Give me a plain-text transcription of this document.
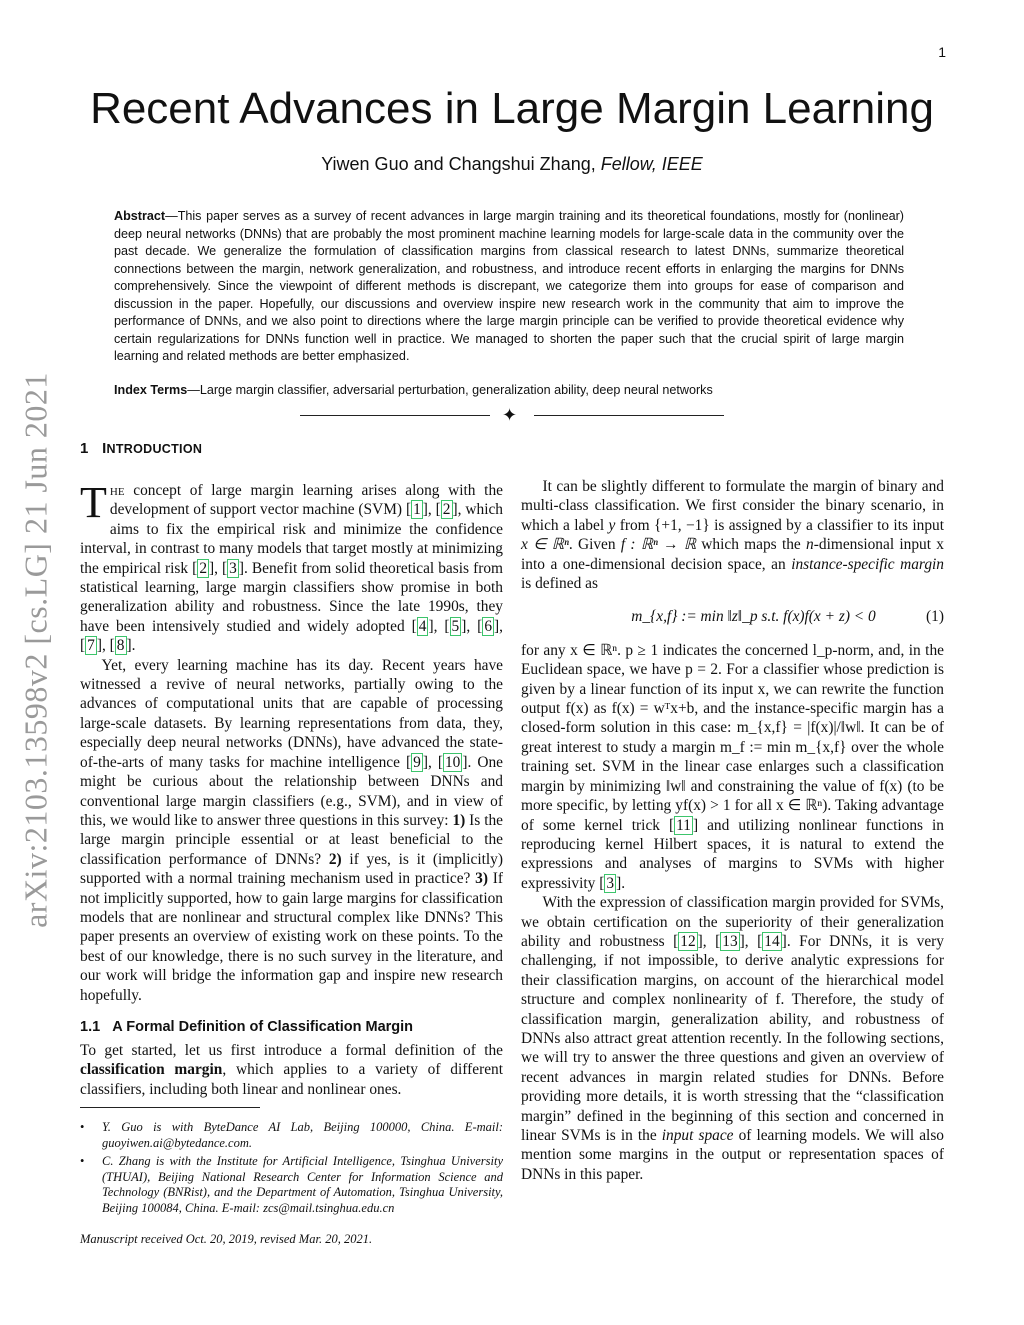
1
arXiv:2103.13598v2 [cs.LG] 21 Jun 2021
Recent Advances in Large Margin Learning
Yiwen Guo and Changshui Zhang, Fellow, IEEE
Abstract—This paper serves as a survey of recent advances in large margin training and its theoretical foundations, mostly for (nonlinear) deep neural networks (DNNs) that are probably the most prominent machine learning models for large-scale data in the community over the past decade. We generalize the formulation of classification margins from classical research to latest DNNs, summarize theoretical connections between the margin, network generalization, and robustness, and introduce recent efforts in enlarging the margins for DNNs comprehensively. Since the viewpoint of different methods is discrepant, we categorize them into groups for ease of comparison and discussion in the paper. Hopefully, our discussions and overview inspire new research work in the community that aim to improve the performance of DNNs, and we also point to directions where the large margin principle can be verified to provide theoretical evidence why certain regularizations for DNNs function well in practice. We managed to shorten the paper such that the crucial spirit of large margin learning and related methods are better emphasized.
Index Terms—Large margin classifier, adversarial perturbation, generalization ability, deep neural networks
✦
1 INTRODUCTION

The concept of large margin learning arises along with the development of support vector machine (SVM) [ 1 ], [ 2 ], which aims to fix the empirical risk and minimize the confidence interval, in contrast to many models that target mostly at minimizing the empirical risk [ 2 ], [ 3 ]. Benefit from solid theoretical basis from statistical learning, large margin classifiers show promise in both generalization ability and robustness. Since the late 1990s, they have been intensively studied and widely adopted [ 4 ], [ 5 ], [ 6 ], [ 7 ], [ 8 ].

Yet, every learning machine has its day. Recent years have witnessed a revive of neural networks, partially owing to the advances of computational units that are capable of processing large-scale datasets. By learning representations from data, they, especially deep neural networks (DNNs), have advanced the state-of-the-arts of many tasks for machine intelligence [ 9 ], [ 10 ]. One might be curious about the relationship between DNNs and conventional large margin classifiers (e.g., SVM), and in view of this, we would like to answer three questions in this survey: 1) Is the large margin principle essential or at least beneficial to the classification performance of DNNs? 2) if yes, is it (implicitly) supported with a normal training mechanism used in practice? 3) If not implicitly supported, how to gain large margins for classification models that are nonlinear and structural complex like DNNs? This paper presents an overview of existing work on these points. To the best of our knowledge, there is no such survey in the literature, and our work will bridge the information gap and inspire new research hopefully.

1.1 A Formal Definition of Classification Margin

To get started, let us first introduce a formal definition of the classification margin, which applies to a variety of different classifiers, including both linear and nonlinear ones.

• Y. Guo is with ByteDance AI Lab, Beijing 100000, China. E-mail: guoyiwen.ai@bytedance.com.
• C. Zhang is with the Institute for Artificial Intelligence, Tsinghua University (THUAI), Beijing National Research Center for Information Science and Technology (BNRist), and the Department of Automation, Tsinghua University, Beijing 100084, China. E-mail: zcs@mail.tsinghua.edu.cn
Manuscript received Oct. 20, 2019, revised Mar. 20, 2021.

It can be slightly different to formulate the margin of binary and multi-class classification. We first consider the binary scenario, in which a label y from {+1, −1} is assigned by a classifier to its input x ∈ ℝⁿ. Given f : ℝⁿ → ℝ which maps the n-dimensional input x into a one-dimensional decision space, an instance-specific margin is defined as

m_{x,f} := min ‖z‖_p s.t. f(x)f(x + z) < 0	(1)

for any x ∈ ℝⁿ. p ≥ 1 indicates the concerned l_p-norm, and, in the Euclidean space, we have p = 2. For a classifier whose prediction is given by a linear function of its input x, we can rewrite the function output f(x) as f(x) = wᵀx+b, and the instance-specific margin has a closed-form solution in this case: m_{x,f} = |f(x)|/‖w‖. It can be of great interest to study a margin m_f := min m_{x,f} over the whole training set. SVM in the linear case enlarges such a classification margin by minimizing ‖w‖ and constraining the value of f(x) (to be more specific, by letting yf(x) > 1 for all x ∈ ℝⁿ). Taking advantage of some kernel trick [ 11 ] and utilizing nonlinear functions in reproducing kernel Hilbert spaces, it is natural to extend the expressions and analyses of margins to SVMs with higher expressivity [ 3 ].

With the expression of classification margin provided for SVMs, we obtain certification on the superiority of their generalization ability and robustness [ 12 ], [ 13 ], [ 14 ]. For DNNs, it is very challenging, if not impossible, to derive analytic expressions for their classification margins, on account of the hierarchical model structure and complex nonlinearity of f. Therefore, the study of classification margin, generalization ability, and robustness of DNNs also attract great attention recently. In the following sections, we will try to answer the three questions and given an overview of recent advances in margin related studies for DNNs. Before providing more details, it is worth stressing that the “classification margin” defined in the beginning of this section and concerned in linear SVMs is in the input space of learning models. We will also mention some margins in the output or representation spaces of DNNs in this paper.
